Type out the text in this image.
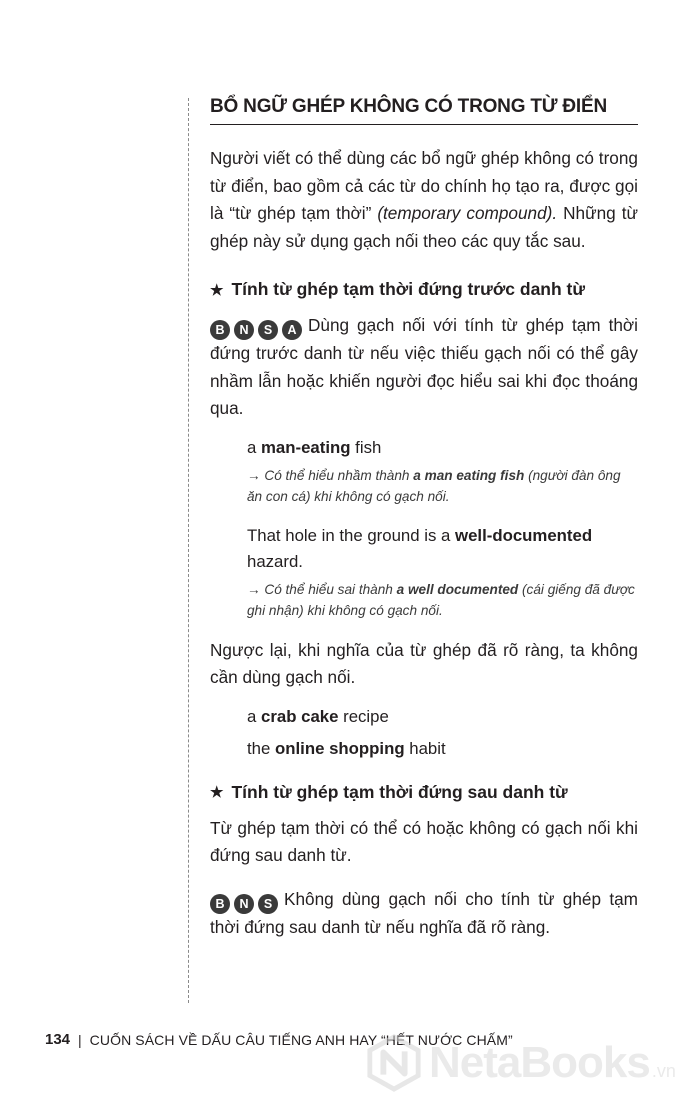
BỔ NGỮ GHÉP KHÔNG CÓ TRONG TỪ ĐIỂN

Người viết có thể dùng các bổ ngữ ghép không có trong từ điển, bao gồm cả các từ do chính họ tạo ra, được gọi là “từ ghép tạm thời” (temporary compound). Những từ ghép này sử dụng gạch nối theo các quy tắc sau.

★ Tính từ ghép tạm thời đứng trước danh từ

B	N	S	A Dùng gạch nối với tính từ ghép tạm thời đứng trước danh từ nếu việc thiếu gạch nối có thể gây nhầm lẫn hoặc khiến người đọc hiểu sai khi đọc thoáng qua.

a man-eating fish

→ Có thể hiểu nhầm thành a man eating fish (người đàn ông ăn con cá) khi không có gạch nối.

That hole in the ground is a well-documented hazard.

→ Có thể hiểu sai thành a well documented (cái giếng đã được ghi nhận) khi không có gạch nối.

Ngược lại, khi nghĩa của từ ghép đã rõ ràng, ta không cần dùng gạch nối.

a crab cake recipe

the online shopping habit

★ Tính từ ghép tạm thời đứng sau danh từ

Từ ghép tạm thời có thể có hoặc không có gạch nối khi đứng sau danh từ.

B	N	S Không dùng gạch nối cho tính từ ghép tạm thời đứng sau danh từ nếu nghĩa đã rõ ràng.

134 | CUỐN SÁCH VỀ DẤU CÂU TIẾNG ANH HAY “HẾT NƯỚC CHẤM”
NetaBooks .vn
